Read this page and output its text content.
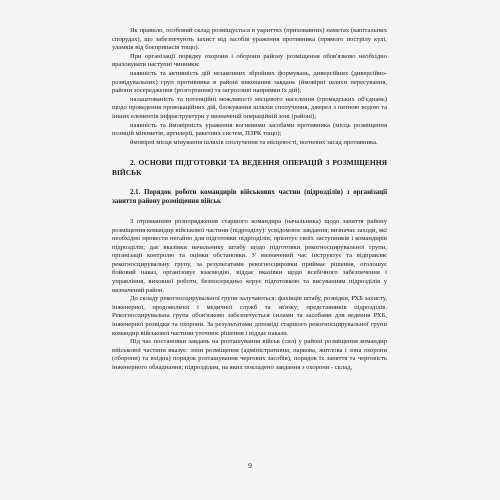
Як правило, особовий склад розміщується в укриттях (приховавних) наметах (капітальних спорудах), що забезпечують захист від засобів ураження противника (прямого пострілу кулі, уламків від боєприпасів тощо).

При організації порядку охорони і оборони району розміщення обов'язково необхідно враховувати наступні чинники:

наявність та активність дій незаконних збройних формувань, диверсійних (диверсійно-розвідувальних) груп противника в районі виконання завдань (ймовірні шляхи пересування, райони зосередження (розгортання) та загрозливі напрямки їх дій);

налаштованість та потенційні можливості місцевого населення (громадських об'єднань) щодо проведення провокаційних дій, блокування шляхів сполучення, джерел з питною водою та інших елементів інфраструктури у визначеній операційній зоні (районі);

наявність та ймовірність ураження вогневими засобами противника (місць розміщення позицій мінометів, артилерії, ракетних систем, ПЗРК тощо);

ймовірні місця мінування шляхів сполучення та місцевості, вогневих засад противника.

2. ОСНОВИ ПІДГОТОВКИ ТА ВЕДЕННЯ ОПЕРАЦІЙ З РОЗМІЩЕННЯ ВІЙСЬК
2.1. Порядок роботи командирів військових частин (підрозділів) з організації заняття району розміщення військ

З отриманням розпорядження старшого командира (начальника) щодо заняття району розміщення командир військової частини (підрозділу): усвідомлює завдання; визначає заходи, які необхідно провести негайно для підготовки підрозділів; орієнтує своїх заступників і командирів підрозділів; дає вказівки начальнику штабу щодо підготовки рекогносцирувальної групи, організації контролю та оцінки обстановки. У визначений час інструктує та відправляє рекогносцирувальну групу, за результатами рекогносцировки приймає рішення, оголошує бойовий наказ, організовує взаємодію, віддає вказівки щодо всебічного забезпечення і управління, виховної роботи, безпосередньо керує підготовкою та висуванням підрозділів у визначений район.

До складу рекогносцирувальної групи залучаються: фахівців штабу, розвідки, РХБ захисту, інженерної, продовольчої і медичної служб та зв'язку; представників підрозділів. Рекогносцирувальна група обов'язково забезпечується силами та засобами для ведення РХБ, інженерної розвідки та охорони. За результатами доповіді старшого рекогносцирувальної групи командир військової частини уточнює рішення і віддає накази.

Під час постановки завдань на розташування військ (сил) у районі розміщення командир військової частини вказує: зони розміщення (адміністративна, паркова, житлова і зона охорони (оборони) та вхідна) порядок розташування чергових засобів), порядок їх заняття та черговість інженерного обладнання; підрозділам, на яких покладено завдання з охорони - склад,

9
